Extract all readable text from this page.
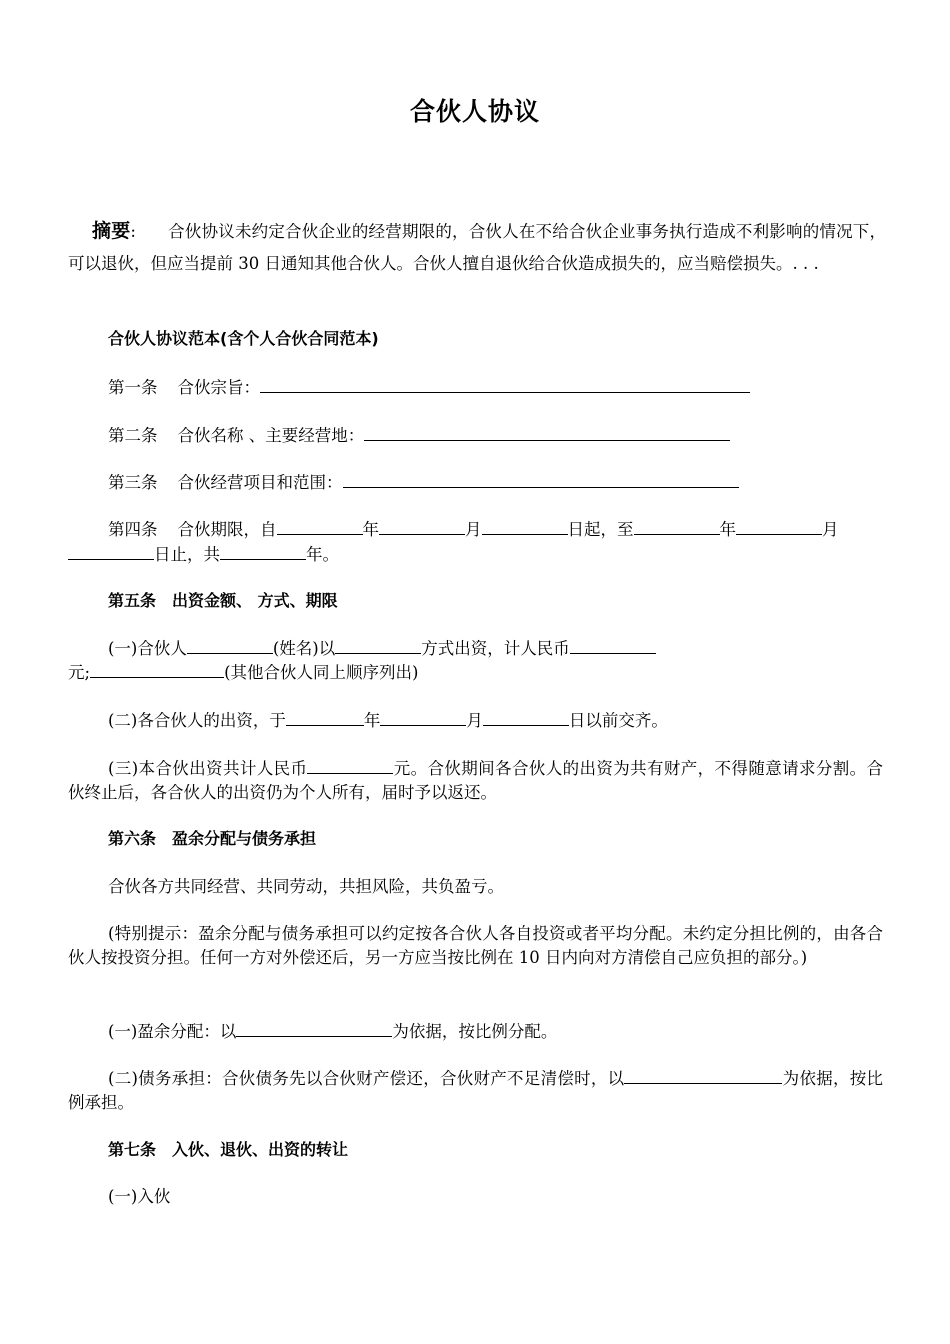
合伙人协议
摘要: 合伙协议未约定合伙企业的经营期限的，合伙人在不给合伙企业事务执行造成不利影响的情况下，可以退伙，但应当提前 30 日通知其他合伙人。合伙人擅自退伙给合伙造成损失的，应当赔偿损失。. . .
合伙人协议范本(含个人合伙合同范本)
第一条 合伙宗旨：
第二条 合伙名称 、主要经营地：
第三条 合伙经营项目和范围：
第四条 合伙期限，自	年	月	日起，至	年	月
日止，共	年。
第五条　出资金额、 方式、期限
(一)合伙人	(姓名)以	方式出资，计人民币
元;	(其他合伙人同上顺序列出)
(二)各合伙人的出资，于	年	月	日以前交齐。
(三)本合伙出资共计人民币	元。合伙期间各合伙人的出资为共有财产，不得随意请求分割。合伙终止后，各合伙人的出资仍为个人所有，届时予以返还。
第六条　盈余分配与债务承担
合伙各方共同经营、共同劳动，共担风险，共负盈亏。
(特别提示：盈余分配与债务承担可以约定按各合伙人各自投资或者平均分配。未约定分担比例的，由各合伙人按投资分担。任何一方对外偿还后，另一方应当按比例在 10 日内向对方清偿自己应负担的部分。)
(一)盈余分配：以	为依据，按比例分配。
(二)债务承担：合伙债务先以合伙财产偿还，合伙财产不足清偿时，以	为依据，按比例承担。
第七条　入伙、退伙、出资的转让
(一)入伙
